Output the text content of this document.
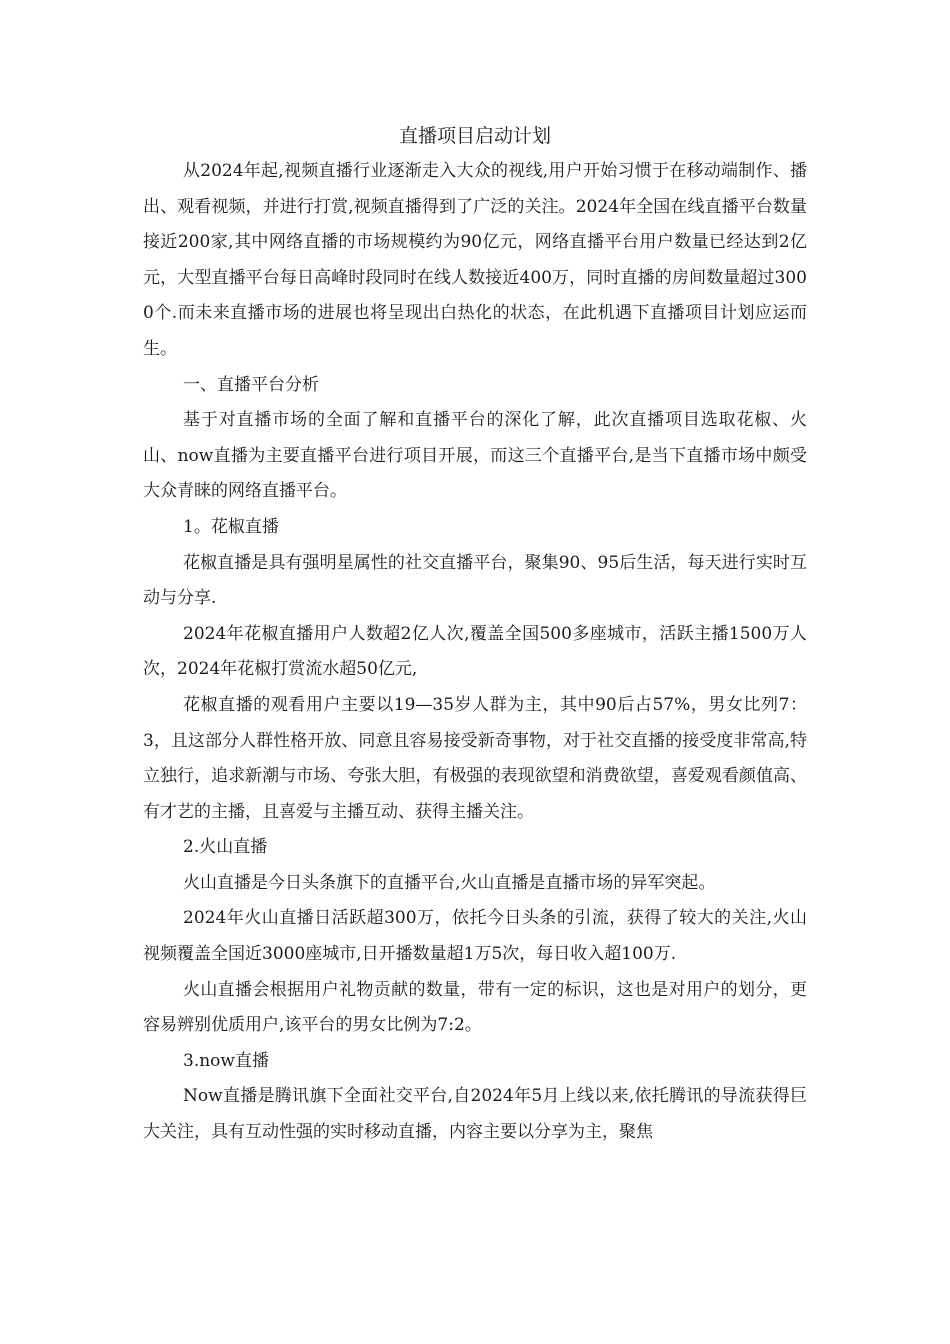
直播项目启动计划

从2024年起,视频直播行业逐渐走入大众的视线,用户开始习惯于在移动端制作、播出、观看视频，并进行打赏,视频直播得到了广泛的关注。2024年全国在线直播平台数量接近200家,其中网络直播的市场规模约为90亿元，网络直播平台用户数量已经达到2亿元，大型直播平台每日高峰时段同时在线人数接近400万，同时直播的房间数量超过3000个.而未来直播市场的进展也将呈现出白热化的状态，在此机遇下直播项目计划应运而生。

一、直播平台分析

基于对直播市场的全面了解和直播平台的深化了解，此次直播项目选取花椒、火山、now直播为主要直播平台进行项目开展，而这三个直播平台,是当下直播市场中颇受大众青睐的网络直播平台。

1。花椒直播

花椒直播是具有强明星属性的社交直播平台，聚集90、95后生活，每天进行实时互动与分享.

2024年花椒直播用户人数超2亿人次,覆盖全国500多座城市，活跃主播1500万人次，2024年花椒打赏流水超50亿元,

花椒直播的观看用户主要以19—35岁人群为主，其中90后占57%，男女比列7：3，且这部分人群性格开放、同意且容易接受新奇事物，对于社交直播的接受度非常高,特立独行，追求新潮与市场、夸张大胆，有极强的表现欲望和消费欲望，喜爱观看颜值高、有才艺的主播，且喜爱与主播互动、获得主播关注。

2.火山直播

火山直播是今日头条旗下的直播平台,火山直播是直播市场的异军突起。

2024年火山直播日活跃超300万，依托今日头条的引流，获得了较大的关注,火山视频覆盖全国近3000座城市,日开播数量超1万5次，每日收入超100万.

火山直播会根据用户礼物贡献的数量，带有一定的标识，这也是对用户的划分，更容易辨别优质用户,该平台的男女比例为7:2。

3.now直播

Now直播是腾讯旗下全面社交平台,自2024年5月上线以来,依托腾讯的导流获得巨大关注，具有互动性强的实时移动直播，内容主要以分享为主，聚焦
